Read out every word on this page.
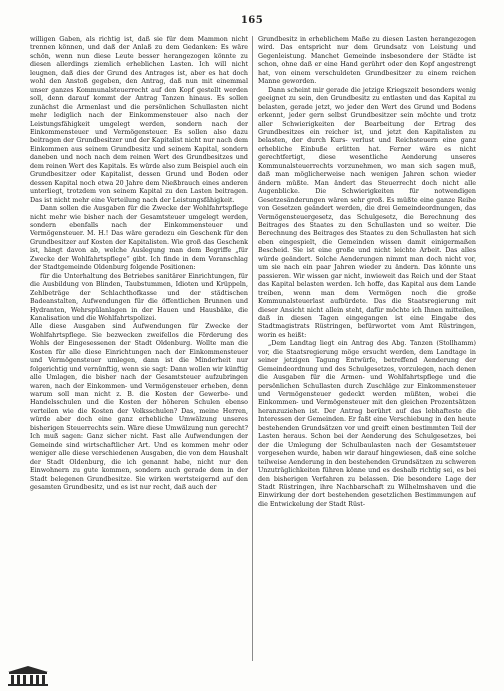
165

willigen Gaben, als richtig ist, daß sie für dem Mammon nicht trennen können, und daß der Anlaß zu dem Gedanken: Es wäre schön, wenn nun diese Leute besser herangezogen könnte zu diesen allerdings ziemlich erheblichen Lasten. Ich will nicht leugnen, daß dies der Grund des Antrages ist, aber es hat doch wohl den Anstoß gegeben, den Antrag, daß nun mit einemmal unser ganzes Kommunalsteuerrecht auf den Kopf gestellt werden soll, denn darauf kommt der Antrag Tanzen hinaus. Es sollen zunächst die Armenlast und die persönlichen Schullasten nicht mehr lediglich nach der Einkommensteuer also nach der Leistungsfähigkeit umgelegt werden, sondern nach der Einkommensteuer und Vermögensteuer. Es sollen also dazu beitragen der Grundbesitzer und der Kapitalist nicht nur nach dem Einkommen aus seinem Grundbesitz und seinem Kapital, sondern daneben und noch nach dem reinen Wert des Grundbesitzes und dem reinen Wert des Kapitals. Es würde also zum Beispiel auch ein Grundbesitzer oder Kapitalist, dessen Grund und Boden oder dessen Kapital noch etwa 20 Jahre dem Nießbrauch eines anderen unterliegt, trotzdem von seinem Kapital zu den Lasten beitragen. Das ist nicht mehr eine Verteilung nach der Leistungsfähigkeit.

Dann sollen die Ausgaben für die Zwecke der Wohlfahrtspflege nicht mehr wie bisher nach der Gesamtsteuer umgelegt werden, sondern ebenfalls nach der Einkommensteuer und Vermögensteuer. M. H.! Das wäre geradezu ein Geschenk für den Grundbesitzer auf Kosten der Kapitalisten. Wie groß das Geschenk ist, hängt davon ab, welche Auslegung man dem Begriffe „für Zwecke der Wohlfahrtspflege“ gibt. Ich finde in dem Voranschlag der Stadtgemeinde Oldenburg folgende Positionen:

für die Unterhaltung des Betriebes sanitärer Einrichtungen, für die Ausbildung von Blinden, Taubstummen, Idioten und Krüppeln, Zehlbeträge der Schlachthofkasse und der städtischen Badeanstalten, Aufwendungen für die öffentlichen Brunnen und Hydranten, Wehrspülanlagen in der Hauen und Hausbäke, die Kanalisation und die Wohlfahrtspolizei.

Alle diese Ausgaben sind Aufwendungen für Zwecke der Wohlfahrtspflege. Sie bezwecken zweifellos die Förderung des Wohls der Eingesessenen der Stadt Oldenburg. Wollte man die Kosten für alle diese Einrichtungen nach der Einkommensteuer und Vermögensteuer umlegen, dann ist die Minderheit nur folgerichtig und vernünftig, wenn sie sagt: Dann wollen wir künftig alle Umlagen, die bisher nach der Gesamtsteuer aufzubringen waren, nach der Einkommen- und Vermögensteuer erheben, denn warum soll man nicht z. B. die Kosten der Gewerbe- und Handelsschulen und die Kosten der höheren Schulen ebenso verteilen wie die Kosten der Volksschulen? Das, meine Herren, würde aber doch eine ganz erhebliche Umwälzung unseres bisherigen Steuerrechts sein. Wäre diese Umwälzung nun gerecht? Ich muß sagen: Ganz sicher nicht. Fast alle Aufwendungen der Gemeinde sind wirtschaftlicher Art. Und es kommen mehr oder weniger alle diese verschiedenen Ausgaben, die von dem Haushalt der Stadt Oldenburg, die ich genannt habe, nicht nur den Einwohnern zu gute kommen, sondern auch gerade dem in der Stadt belegenen Grundbesitze. Sie wirken wertsteigernd auf den gesamten Grundbesitz, und es ist nur recht, daß auch der

Grundbesitz in erheblichem Maße zu diesen Lasten herangezogen wird. Das entspricht nur dem Grundsatz von Leistung und Gegenleistung. Manchet Gemeinde insbesondere der Städte ist schon, ohne daß er eine Hand gerührt oder den Kopf angestrengt hat, von einem verschuldeten Grundbesitzer zu einem reichen Manne geworden.

Dann scheint mir gerade die jetzige Kriegszeit besonders wenig geeignet zu sein, den Grundbesitz zu entlasten und das Kapital zu belasten, gerade jetzt, wo jeder den Wert des Grund und Bodens erkennt, jeder gern selbst Grundbesitzer sein möchte und trotz aller Schwierigkeiten der Bearbeitung der Ertrag des Grundbesitzes ein reicher ist, und jetzt den Kapitalisten zu belasten, der durch Kurs- verlust und Reichsteuern eine ganz erhebliche Einbuße erlitten hat. Ferner wäre es nicht gerechtfertigt, diese wesentliche Aenderung unseres Kommunalsteuerrechts vorzunehmen, wo man sich sagen muß, daß man möglicherweise nach wenigen Jahren schon wieder ändern müßte. Man ändert das Steuerrecht doch nicht alle Augenblicke. Die Schwierigkeiten für notwendigen Gesetzesänderungen wären sehr groß. Es müßte eine ganze Reihe von Gesetzen geändert werden, die drei Gemeindeordnungen, das Vermögensteuergesetz, das Schulgesetz, die Berechnung des Beitrages des Staates zu den Schullasten und so weiter. Die Berechnung des Beitrages des Staates zu den Schullasten hat sich eben eingespielt, die Gemeinden wissen damit einigermaßen Bescheid. Sie ist eine große und nicht leichte Arbeit. Das alles würde geändert. Solche Aenderungen nimmt man doch nicht vor, um sie nach ein paar Jahren wieder zu ändern. Das könnte uns passieren. Wir wissen gar nicht, inwieweit das Reich und der Staat das Kapital belasten werden. Ich hoffe, das Kapital aus dem Lande treiben, wenn man dem Vermögen noch die große Kommunalsteuerlast aufbürdete. Das die Staatsregierung mit dieser Ansicht nicht allein steht, dafür möchte ich Ihnen mitteilen, daß in diesen Tagen eingegangen ist eine Eingabe des Stadtmagistrats Rüstringen, befürwortet vom Amt Rüstringen, worin es heißt:

„Dem Landtag liegt ein Antrag des Abg. Tanzen (Stollhamm) vor, die Staatsregierung möge ersucht werden, dem Landtage in seiner jetzigen Tagung Entwürfe, betreffend Aenderung der Gemeindeordnung und des Schulgesetzes, vorzulegen, nach denen die Ausgaben für die Armen- und Wohlfahrtspflege und die persönlichen Schullasten durch Zuschläge zur Einkommensteuer und Vermögensteuer gedeckt werden müßten, wobei die Einkommen- und Vermögensteuer mit den gleichen Prozentsätzen heranzuziehen ist. Der Antrag berührt auf das lebhafteste die Interessen der Gemeinden. Er faßt eine Verschiebung in den heute bestehenden Grundsätzen vor und greift einen bestimmten Teil der Lasten heraus. Schon bei der Aenderung des Schulgesetzes, bei der die Umlegung der Schulbaulasten nach der Gesamtsteuer vorgesehen wurde, haben wir darauf hingewiesen, daß eine solche teilweise Aenderung in den bestehenden Grundsätzen zu schweren Unzuträglichkeiten führen könne und es deshalb richtig sei, es bei den bisherigen Verfahren zu belassen. Die besondere Lage der Stadt Rüstringen, ihre Nachbarschaft zu Wilhelmshaven und die Einwirkung der dort bestehenden gesetzlichen Bestimmungen auf die Entwickelung der Stadt Rüst-
